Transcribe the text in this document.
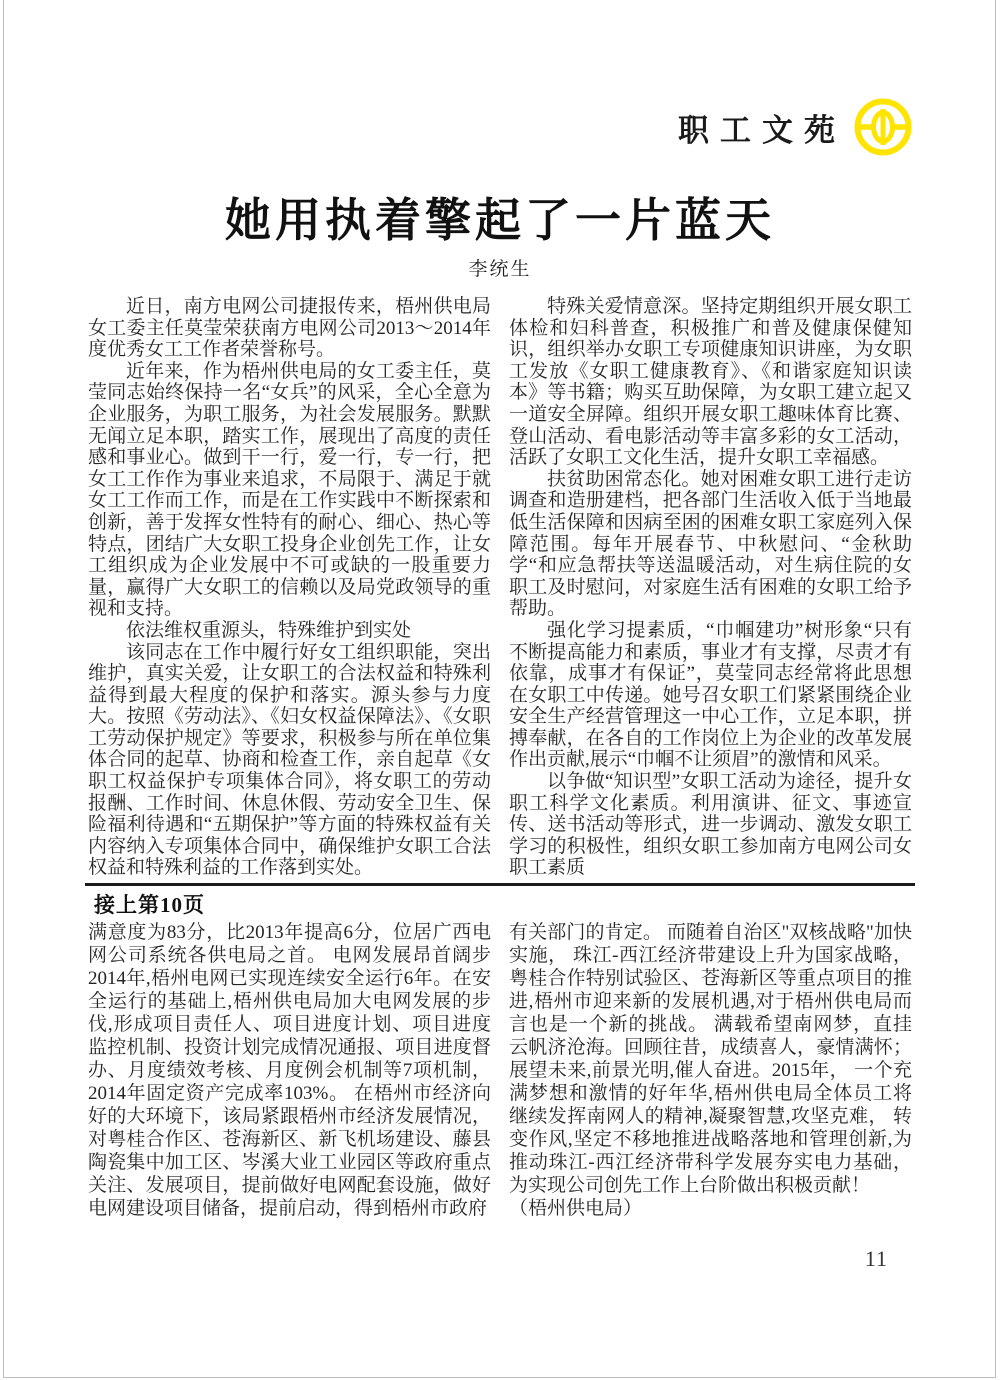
职工文苑
她用执着擎起了一片蓝天
李统生

近日，南方电网公司捷报传来，梧州供电局女工委主任莫莹荣获南方电网公司2013～2014年度优秀女工工作者荣誉称号。

近年来，作为梧州供电局的女工委主任，莫莹同志始终保持一名“女兵”的风采，全心全意为企业服务，为职工服务，为社会发展服务。默默无闻立足本职，踏实工作，展现出了高度的责任感和事业心。做到干一行，爱一行，专一行，把女工工作作为事业来追求，不局限于、满足于就女工工作而工作，而是在工作实践中不断探索和创新，善于发挥女性特有的耐心、细心、热心等特点，团结广大女职工投身企业创先工作，让女工组织成为企业发展中不可或缺的一股重要力量，赢得广大女职工的信赖以及局党政领导的重视和支持。

依法维权重源头，特殊维护到实处

该同志在工作中履行好女工组织职能，突出维护，真实关爱，让女职工的合法权益和特殊利益得到最大程度的保护和落实。源头参与力度大。按照《劳动法》、《妇女权益保障法》、《女职工劳动保护规定》等要求，积极参与所在单位集体合同的起草、协商和检查工作，亲自起草《女职工权益保护专项集体合同》，将女职工的劳动报酬、工作时间、休息休假、劳动安全卫生、保险福利待遇和“五期保护”等方面的特殊权益有关内容纳入专项集体合同中，确保维护女职工合法权益和特殊利益的工作落到实处。

特殊关爱情意深。坚持定期组织开展女职工体检和妇科普查，积极推广和普及健康保健知识，组织举办女职工专项健康知识讲座，为女职工发放《女职工健康教育》、《和谐家庭知识读本》等书籍；购买互助保障，为女职工建立起又一道安全屏障。组织开展女职工趣味体育比赛、登山活动、看电影活动等丰富多彩的女工活动，活跃了女职工文化生活，提升女职工幸福感。

扶贫助困常态化。她对困难女职工进行走访调查和造册建档，把各部门生活收入低于当地最低生活保障和因病至困的困难女职工家庭列入保障范围。每年开展春节、中秋慰问、“金秋助学“和应急帮扶等送温暖活动，对生病住院的女职工及时慰问，对家庭生活有困难的女职工给予帮助。

强化学习提素质，“巾帼建功”树形象“只有不断提高能力和素质，事业才有支撑，尽责才有依靠，成事才有保证”，莫莹同志经常将此思想在女职工中传递。她号召女职工们紧紧围绕企业安全生产经营管理这一中心工作，立足本职，拼搏奉献，在各自的工作岗位上为企业的改革发展作出贡献,展示“巾帼不让须眉”的激情和风采。

以争做“知识型”女职工活动为途径，提升女职工科学文化素质。利用演讲、征文、事迹宣传、送书活动等形式，进一步调动、激发女职工学习的积极性，组织女职工参加南方电网公司女职工素质

接上第10页

满意度为83分，比2013年提高6分，位居广西电网公司系统各供电局之首。 电网发展昂首阔步2014年,梧州电网已实现连续安全运行6年。在安全运行的基础上,梧州供电局加大电网发展的步伐,形成项目责任人、项目进度计划、项目进度监控机制、投资计划完成情况通报、项目进度督办、月度绩效考核、月度例会机制等7项机制，2014年固定资产完成率103%。 在梧州市经济向好的大环境下，该局紧跟梧州市经济发展情况，对粤桂合作区、苍海新区、新飞机场建设、藤县陶瓷集中加工区、岑溪大业工业园区等政府重点关注、发展项目，提前做好电网配套设施，做好电网建设项目储备，提前启动，得到梧州市政府

有关部门的肯定。 而随着自治区"双核战略"加快实施， 珠江-西江经济带建设上升为国家战略，粤桂合作特别试验区、苍海新区等重点项目的推进,梧州市迎来新的发展机遇,对于梧州供电局而言也是一个新的挑战。 满载希望南网梦，直挂云帆济沧海。回顾往昔，成绩喜人，豪情满怀；展望未来,前景光明,催人奋进。2015年， 一个充满梦想和激情的好年华,梧州供电局全体员工将继续发挥南网人的精神,凝聚智慧,攻坚克难， 转变作风,坚定不移地推进战略落地和管理创新,为推动珠江-西江经济带科学发展夯实电力基础，为实现公司创先工作上台阶做出积极贡献！

（梧州供电局）

11
